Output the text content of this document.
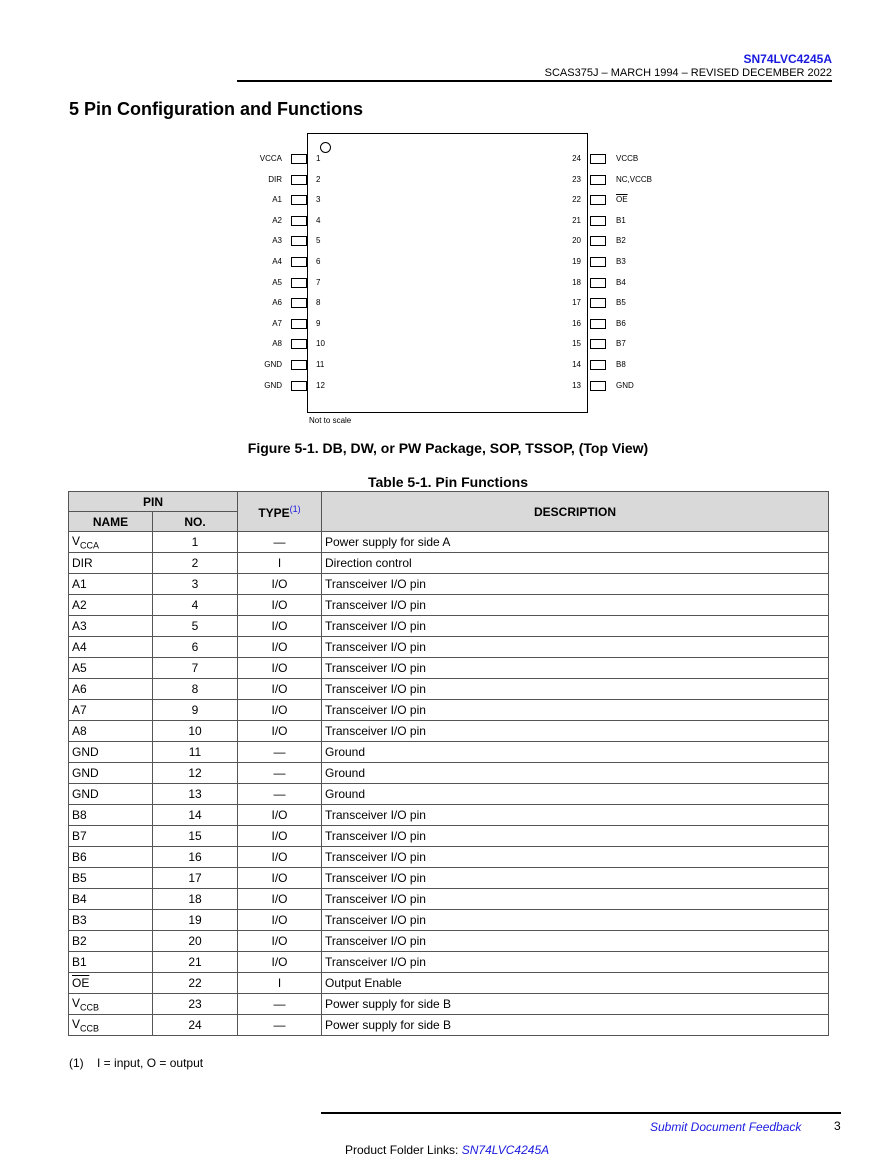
SN74LVC4245A
SCAS375J – MARCH 1994 – REVISED DECEMBER 2022
5 Pin Configuration and Functions
VCCA	1
DIR	2
A1	3
A2	4
A3	5
A4	6
A5	7
A6	8
A7	9
A8	10
GND	11
GND	12
24	VCCB
23	NC,VCCB
22	$\overline{OE}$
21	B1
20	B2
19	B3
18	B4
17	B5
16	B6
15	B7
14	B8
13	GND
Not to scale
Figure 5-1. DB, DW, or PW Package, SOP, TSSOP, (Top View)
Table 5-1. Pin Functions
PIN		TYPE$^{(1)}$	DESCRIPTION
NAME	NO.		
$V_{CCA}$	1	—	Power supply for side A
DIR	2	I	Direction control
A1	3	I/O	Transceiver I/O pin
A2	4	I/O	Transceiver I/O pin
A3	5	I/O	Transceiver I/O pin
A4	6	I/O	Transceiver I/O pin
A5	7	I/O	Transceiver I/O pin
A6	8	I/O	Transceiver I/O pin
A7	9	I/O	Transceiver I/O pin
A8	10	I/O	Transceiver I/O pin
GND	11	—	Ground
GND	12	—	Ground
GND	13	—	Ground
B8	14	I/O	Transceiver I/O pin
B7	15	I/O	Transceiver I/O pin
B6	16	I/O	Transceiver I/O pin
B5	17	I/O	Transceiver I/O pin
B4	18	I/O	Transceiver I/O pin
B3	19	I/O	Transceiver I/O pin
B2	20	I/O	Transceiver I/O pin
B1	21	I/O	Transceiver I/O pin
$\overline{OE}$	22	I	Output Enable
$V_{CCB}$	23	—	Power supply for side B
$V_{CCB}$	24	—	Power supply for side B
(1) I = input, O = output
Submit Document Feedback	3
Product Folder Links: SN74LVC4245A
